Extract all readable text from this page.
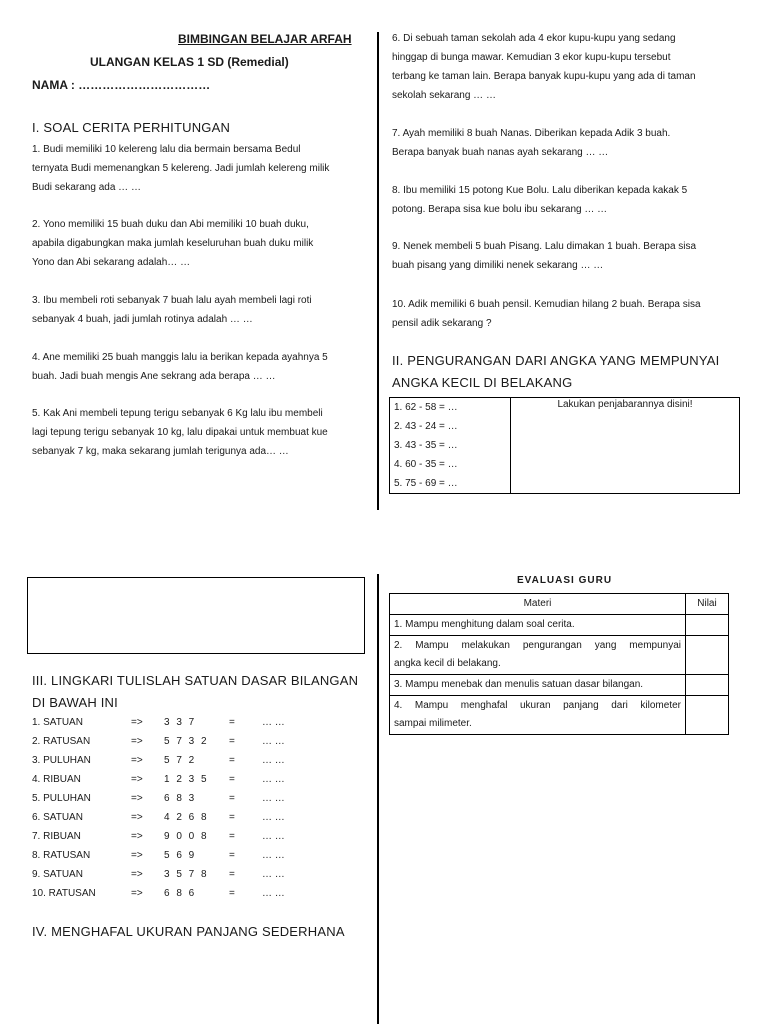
BIMBINGAN BELAJAR ARFAH
ULANGAN KELAS 1 SD (Remedial)
NAMA : ……………………………
I. SOAL CERITA PERHITUNGAN

1. Budi memiliki 10 kelereng lalu dia bermain bersama Bedul

ternyata Budi memenangkan 5 kelereng. Jadi jumlah kelereng milik

Budi sekarang ada … …

2. Yono memiliki 15 buah duku dan Abi memiliki 10 buah duku,

apabila digabungkan maka jumlah keseluruhan buah duku milik

Yono dan Abi sekarang adalah… …

3. Ibu membeli roti sebanyak 7 buah lalu ayah membeli lagi roti

sebanyak 4 buah, jadi jumlah rotinya adalah … …

4. Ane memiliki 25 buah manggis lalu ia berikan kepada ayahnya 5

buah. Jadi buah mengis Ane sekrang ada berapa … …

5. Kak Ani membeli tepung terigu sebanyak 6 Kg lalu ibu membeli

lagi tepung terigu sebanyak 10 kg, lalu dipakai untuk membuat kue

sebanyak 7 kg, maka sekarang jumlah terigunya ada… …

6. Di sebuah taman sekolah ada 4 ekor kupu-kupu yang sedang

hinggap di bunga mawar. Kemudian 3 ekor kupu-kupu tersebut

terbang ke taman lain. Berapa banyak kupu-kupu yang ada di taman

sekolah sekarang … …

7. Ayah memiliki 8 buah Nanas. Diberikan kepada Adik 3 buah.

Berapa banyak buah nanas ayah sekarang … …

8. Ibu memiliki 15 potong Kue Bolu. Lalu diberikan kepada kakak 5

potong. Berapa sisa kue bolu ibu sekarang … …

9. Nenek membeli 5 buah Pisang. Lalu dimakan 1 buah. Berapa sisa

buah pisang yang dimiliki nenek sekarang … …

10. Adik memiliki 6 buah pensil. Kemudian hilang 2 buah. Berapa sisa

pensil adik sekarang ?

II. PENGURANGAN DARI ANGKA YANG MEMPUNYAI
ANGKA KECIL DI BELAKANG
1. 62 - 58 = …
2. 43 - 24 = …
3. 43 - 35 = …
4. 60 - 35 = …
5. 75 - 69 = …
	Lakukan penjabarannya disini!
III. LINGKARI TULISLAH SATUAN DASAR BILANGAN
DI BAWAH INI
1. SATUAN	=> 3 3 7	=	… …
2. RATUSAN	=> 5 7 3 2 =	… …
3. PULUHAN	=> 5 7 2	=	… …
4. RIBUAN	=> 1 2 3 5 =	… …
5. PULUHAN	=> 6 8 3	=	… …
6. SATUAN	=> 4 2 6 8 =	… …
7. RIBUAN	=> 9 0 0 8 =	… …
8. RATUSAN	=> 5 6 9	=	… …
9. SATUAN	=> 3 5 7 8 =	… …
10. RATUSAN	=> 6 8 6	=	… …
IV. MENGHAFAL UKURAN PANJANG SEDERHANA
EVALUASI GURU
Materi	Nilai

1. Mampu menghitung dalam soal cerita.	

2. Mampu melakukan pengurangan yang mempunyai
angka kecil di belakang.	

3. Mampu menebak dan menulis satuan dasar bilangan.	

4. Mampu menghafal ukuran panjang dari kilometer
sampai milimeter.	
